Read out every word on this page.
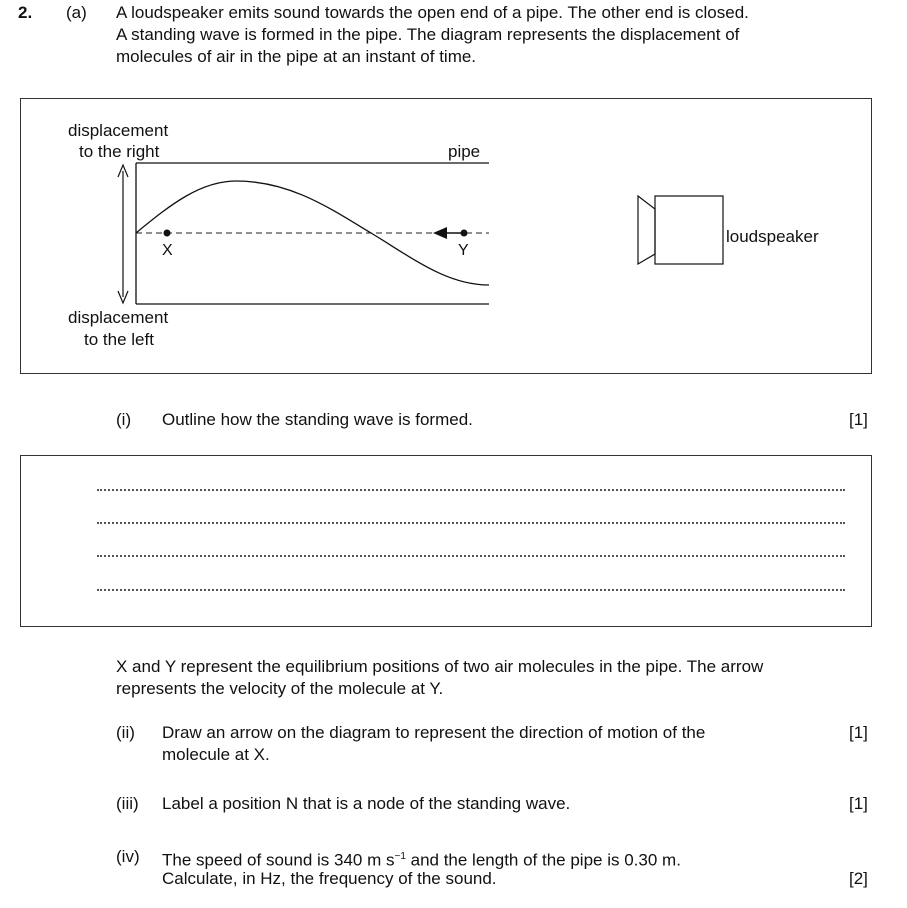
2. (a) A loudspeaker emits sound towards the open end of a pipe. The other end is closed.
A standing wave is formed in the pipe. The diagram represents the displacement of
molecules of air in the pipe at an instant of time.
displacement
to the right	pipe
displacement
to the left
loudspeaker
X	Y
(i) Outline how the standing wave is formed.	[1]
X and Y represent the equilibrium positions of two air molecules in the pipe. The arrow
represents the velocity of the molecule at Y.
(ii) Draw an arrow on the diagram to represent the direction of motion of the
molecule at X.
[1]
(iii) Label a position N that is a node of the standing wave.	[1]
(iv) The speed of sound is 340 m $s^{-1}$ and the length of the pipe is 0.30 m.
Calculate, in Hz, the frequency of the sound.	[2]
